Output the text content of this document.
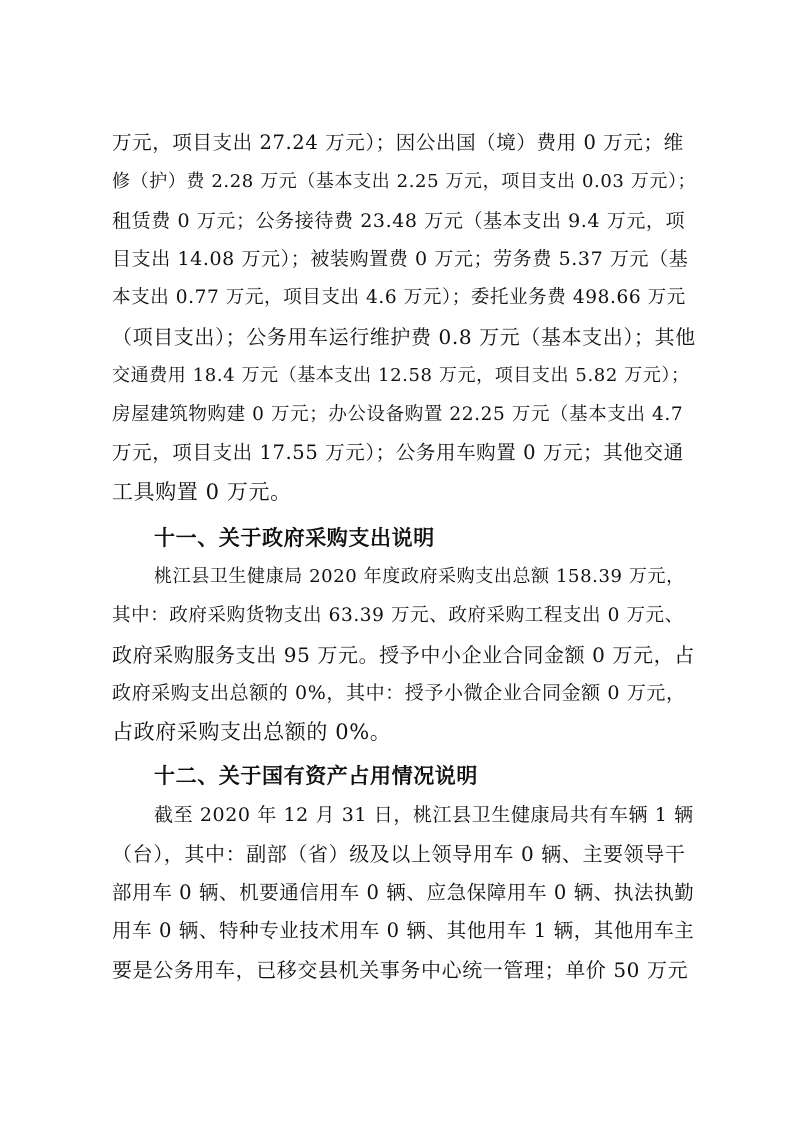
万元，项目支出 27.24 万元）；因公出国（境）费用 0 万元；维
修（护）费 2.28 万元（基本支出 2.25 万元，项目支出 0.03 万元）；
租赁费 0 万元；公务接待费 23.48 万元（基本支出 9.4 万元，项
目支出 14.08 万元）；被装购置费 0 万元；劳务费 5.37 万元（基
本支出 0.77 万元，项目支出 4.6 万元）；委托业务费 498.66 万元
（项目支出）；公务用车运行维护费 0.8 万元（基本支出）；其他
交通费用 18.4 万元（基本支出 12.58 万元，项目支出 5.82 万元）；
房屋建筑物购建 0 万元；办公设备购置 22.25 万元（基本支出 4.7
万元，项目支出 17.55 万元）；公务用车购置 0 万元；其他交通
工具购置 0 万元。
十一、关于政府采购支出说明
桃江县卫生健康局 2020 年度政府采购支出总额 158.39 万元，
其中：政府采购货物支出 63.39 万元、政府采购工程支出 0 万元、
政府采购服务支出 95 万元。授予中小企业合同金额 0 万元，占
政府采购支出总额的 0%，其中：授予小微企业合同金额 0 万元，
占政府采购支出总额的 0%。
十二、关于国有资产占用情况说明
截至 2020 年 12 月 31 日，桃江县卫生健康局共有车辆 1 辆
（台），其中：副部（省）级及以上领导用车 0 辆、主要领导干
部用车 0 辆、机要通信用车 0 辆、应急保障用车 0 辆、执法执勤
用车 0 辆、特种专业技术用车 0 辆、其他用车 1 辆，其他用车主
要是公务用车，已移交县机关事务中心统一管理；单价 50 万元
